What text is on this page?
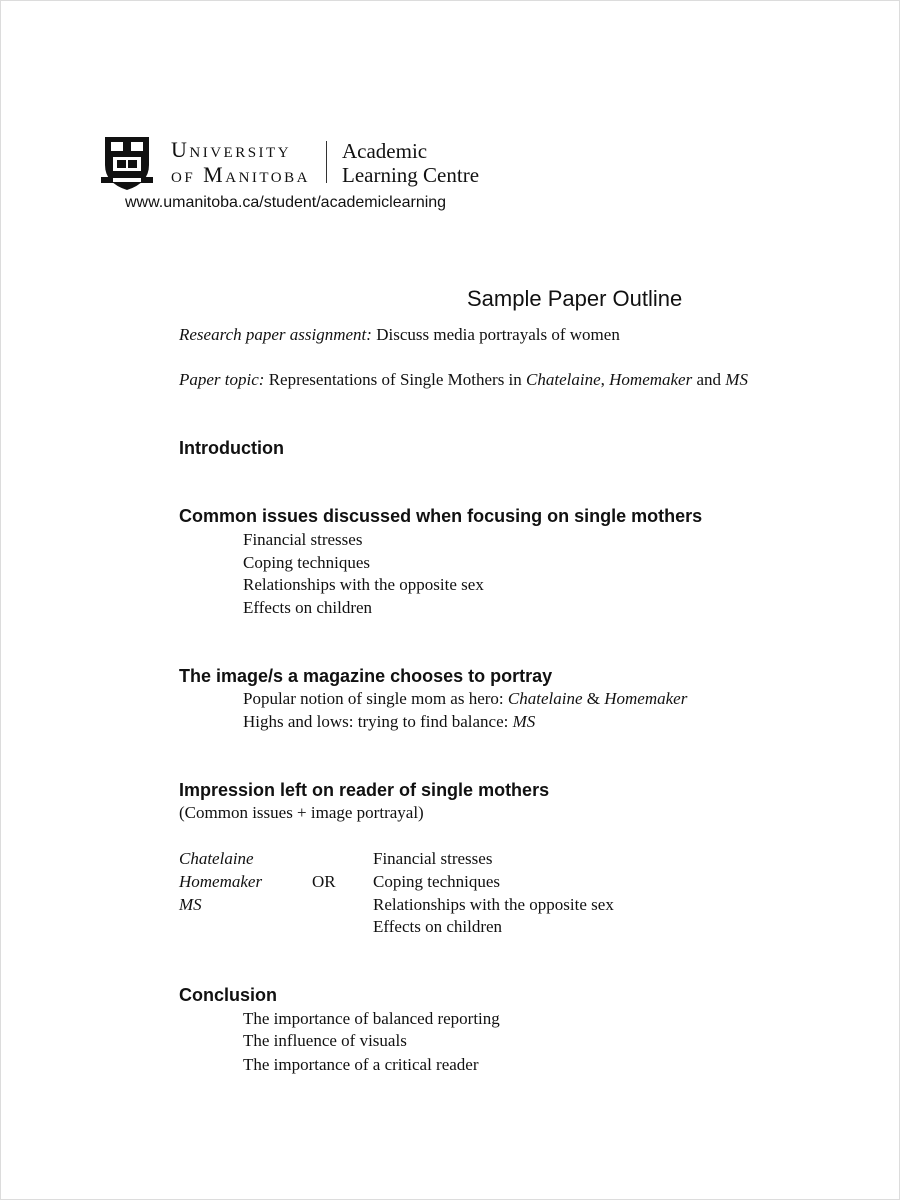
University
of Manitoba
Academic
Learning Centre
www.umanitoba.ca/student/academiclearning
Sample Paper Outline
Research paper assignment: Discuss media portrayals of women
Paper topic: Representations of Single Mothers in Chatelaine, Homemaker and MS
Introduction
Common issues discussed when focusing on single mothers
Financial stresses
Coping techniques
Relationships with the opposite sex
Effects on children
The image/s a magazine chooses to portray
Popular notion of single mom as hero: Chatelaine & Homemaker
Highs and lows: trying to find balance: MS
Impression left on reader of single mothers
(Common issues + image portrayal)
Chatelaine
Homemaker
MS
OR
Financial stresses
Coping techniques
Relationships with the opposite sex
Effects on children
Conclusion
The importance of balanced reporting
The influence of visuals
The importance of a critical reader
